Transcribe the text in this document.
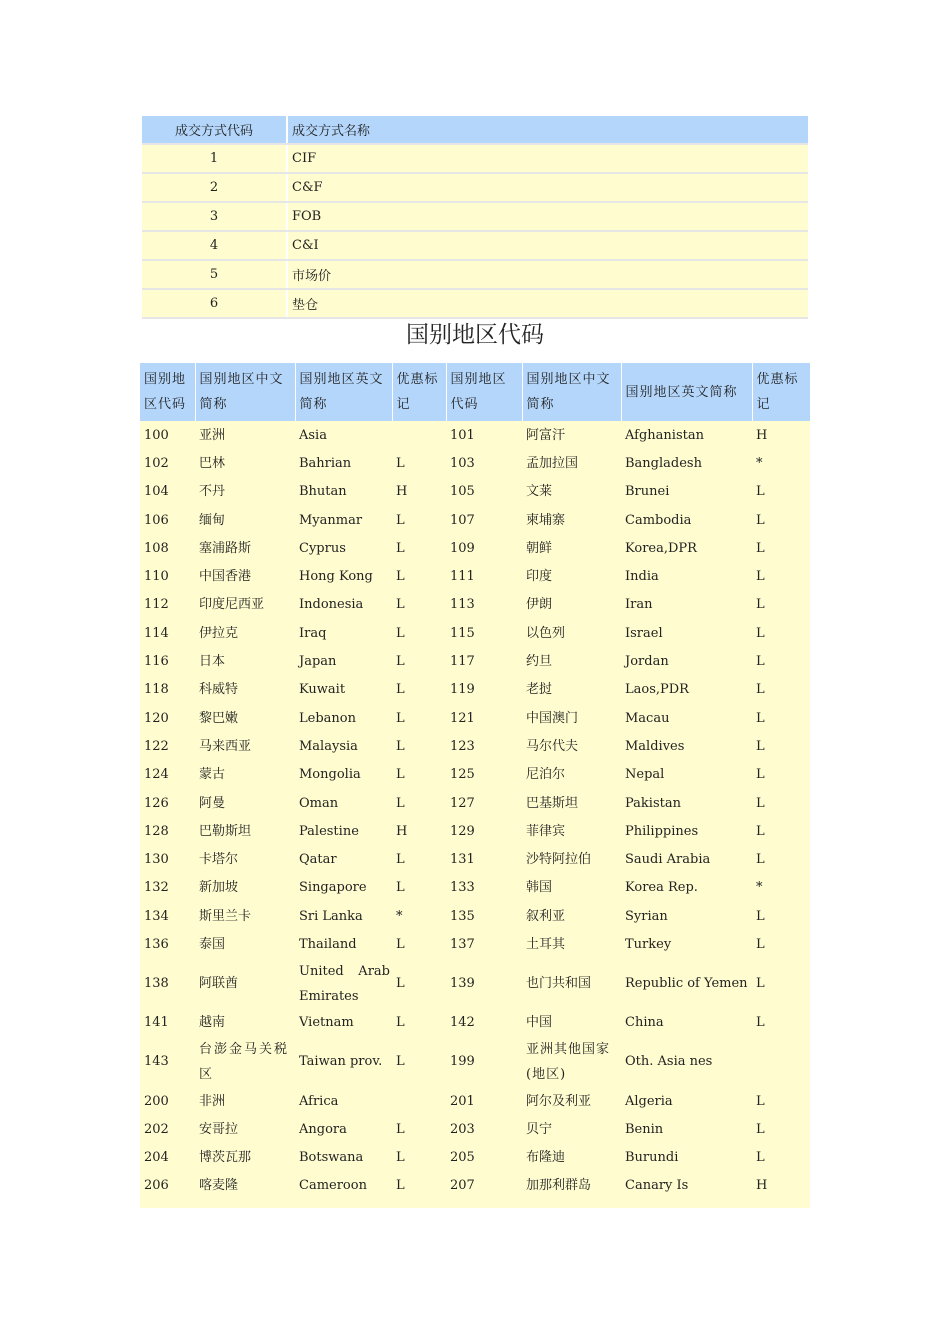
成交方式代码	成交方式名称
1	CIF
2	C&F
3	FOB
4	C&I
5	市场价
6	垫仓
国别地区代码
国别地区代码	国别地区中文简称	国别地区英文简称	优惠标记	国别地区代码	国别地区中文简称	国别地区英文简称	优惠标记
100	亚洲	Asia		101	阿富汗	Afghanistan	H
102	巴林	Bahrian	L	103	孟加拉国	Bangladesh	*
104	不丹	Bhutan	H	105	文莱	Brunei	L
106	缅甸	Myanmar	L	107	柬埔寨	Cambodia	L
108	塞浦路斯	Cyprus	L	109	朝鲜	Korea,DPR	L
110	中国香港	Hong Kong	L	111	印度	India	L
112	印度尼西亚	Indonesia	L	113	伊朗	Iran	L
114	伊拉克	Iraq	L	115	以色列	Israel	L
116	日本	Japan	L	117	约旦	Jordan	L
118	科威特	Kuwait	L	119	老挝	Laos,PDR	L
120	黎巴嫩	Lebanon	L	121	中国澳门	Macau	L
122	马来西亚	Malaysia	L	123	马尔代夫	Maldives	L
124	蒙古	Mongolia	L	125	尼泊尔	Nepal	L
126	阿曼	Oman	L	127	巴基斯坦	Pakistan	L
128	巴勒斯坦	Palestine	H	129	菲律宾	Philippines	L
130	卡塔尔	Qatar	L	131	沙特阿拉伯	Saudi Arabia	L
132	新加坡	Singapore	L	133	韩国	Korea Rep.	*
134	斯里兰卡	Sri Lanka	*	135	叙利亚	Syrian	L
136	泰国	Thailand	L	137	土耳其	Turkey	L
138	阿联酋	United Arab Emirates	L	139	也门共和国	Republic of Yemen	L
141	越南	Vietnam	L	142	中国	China	L
143	台澎金马关税区	Taiwan prov.	L	199	亚洲其他国家(地区)	Oth. Asia nes	
200	非洲	Africa		201	阿尔及利亚	Algeria	L
202	安哥拉	Angora	L	203	贝宁	Benin	L
204	博茨瓦那	Botswana	L	205	布隆迪	Burundi	L
206	喀麦隆	Cameroon	L	207	加那利群岛	Canary Is	H
